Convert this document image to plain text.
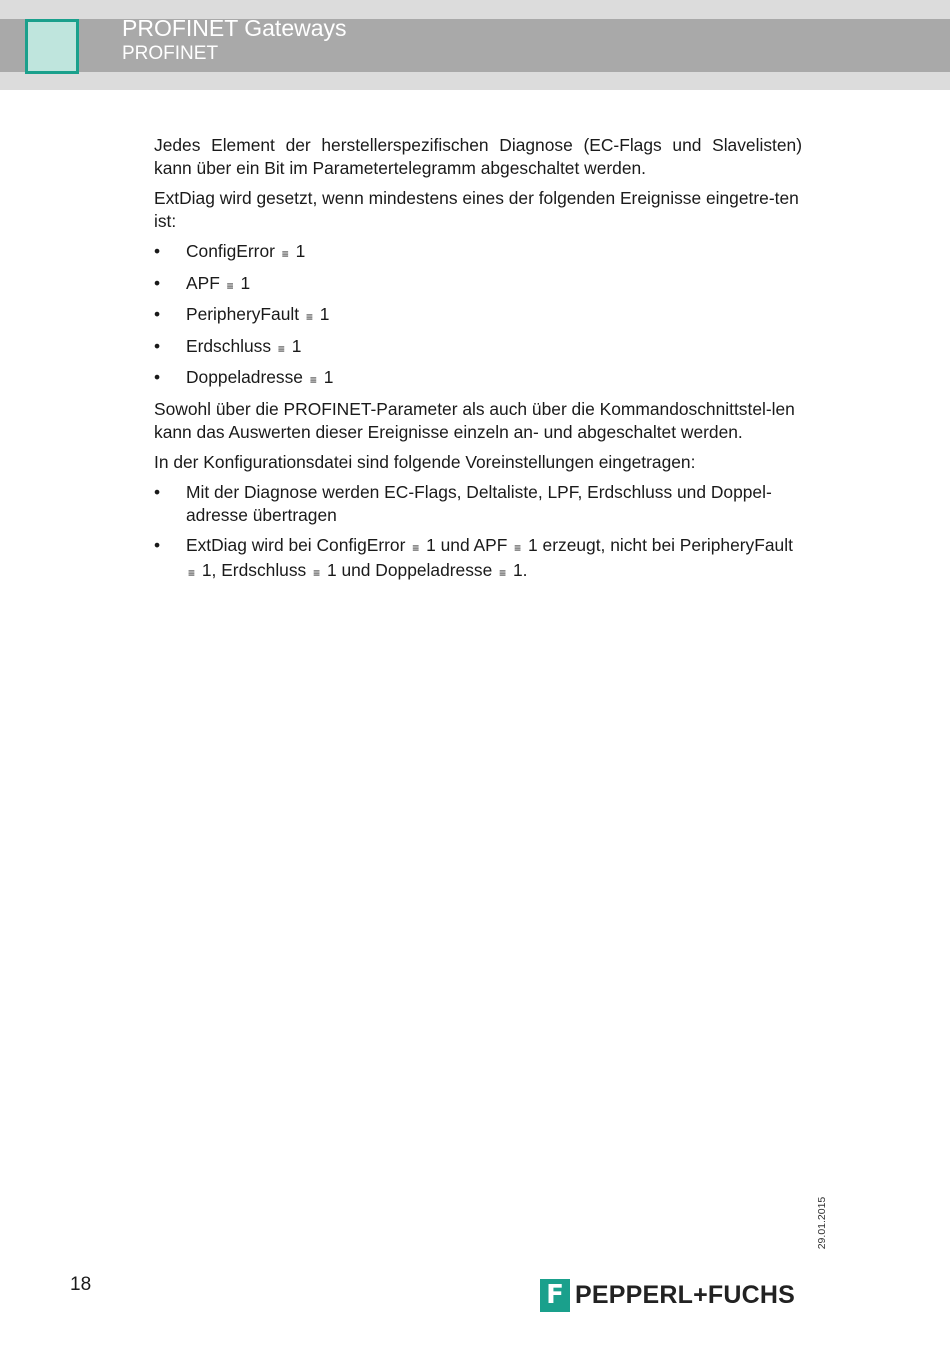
PROFINET Gateways
PROFINET

Jedes Element der herstellerspezifischen Diagnose (EC-Flags und Slavelisten) kann über ein Bit im Parametertelegramm abgeschaltet werden.

ExtDiag wird gesetzt, wenn mindestens eines der folgenden Ereignisse eingetre-ten ist:

• ConfigError ≡ 1
• APF ≡ 1
• PeripheryFault ≡ 1
• Erdschluss ≡ 1
• Doppeladresse ≡ 1

Sowohl über die PROFINET-Parameter als auch über die Kommandoschnittstel-len kann das Auswerten dieser Ereignisse einzeln an- und abgeschaltet werden.

In der Konfigurationsdatei sind folgende Voreinstellungen eingetragen:

• Mit der Diagnose werden EC-Flags, Deltaliste, LPF, Erdschluss und Doppel-adresse übertragen
• ExtDiag wird bei ConfigError ≡ 1 und APF ≡ 1 erzeugt, nicht bei PeripheryFault ≡ 1, Erdschluss ≡ 1 und Doppeladresse ≡ 1.
29.01.2015
18	F PEPPERL+FUCHS
